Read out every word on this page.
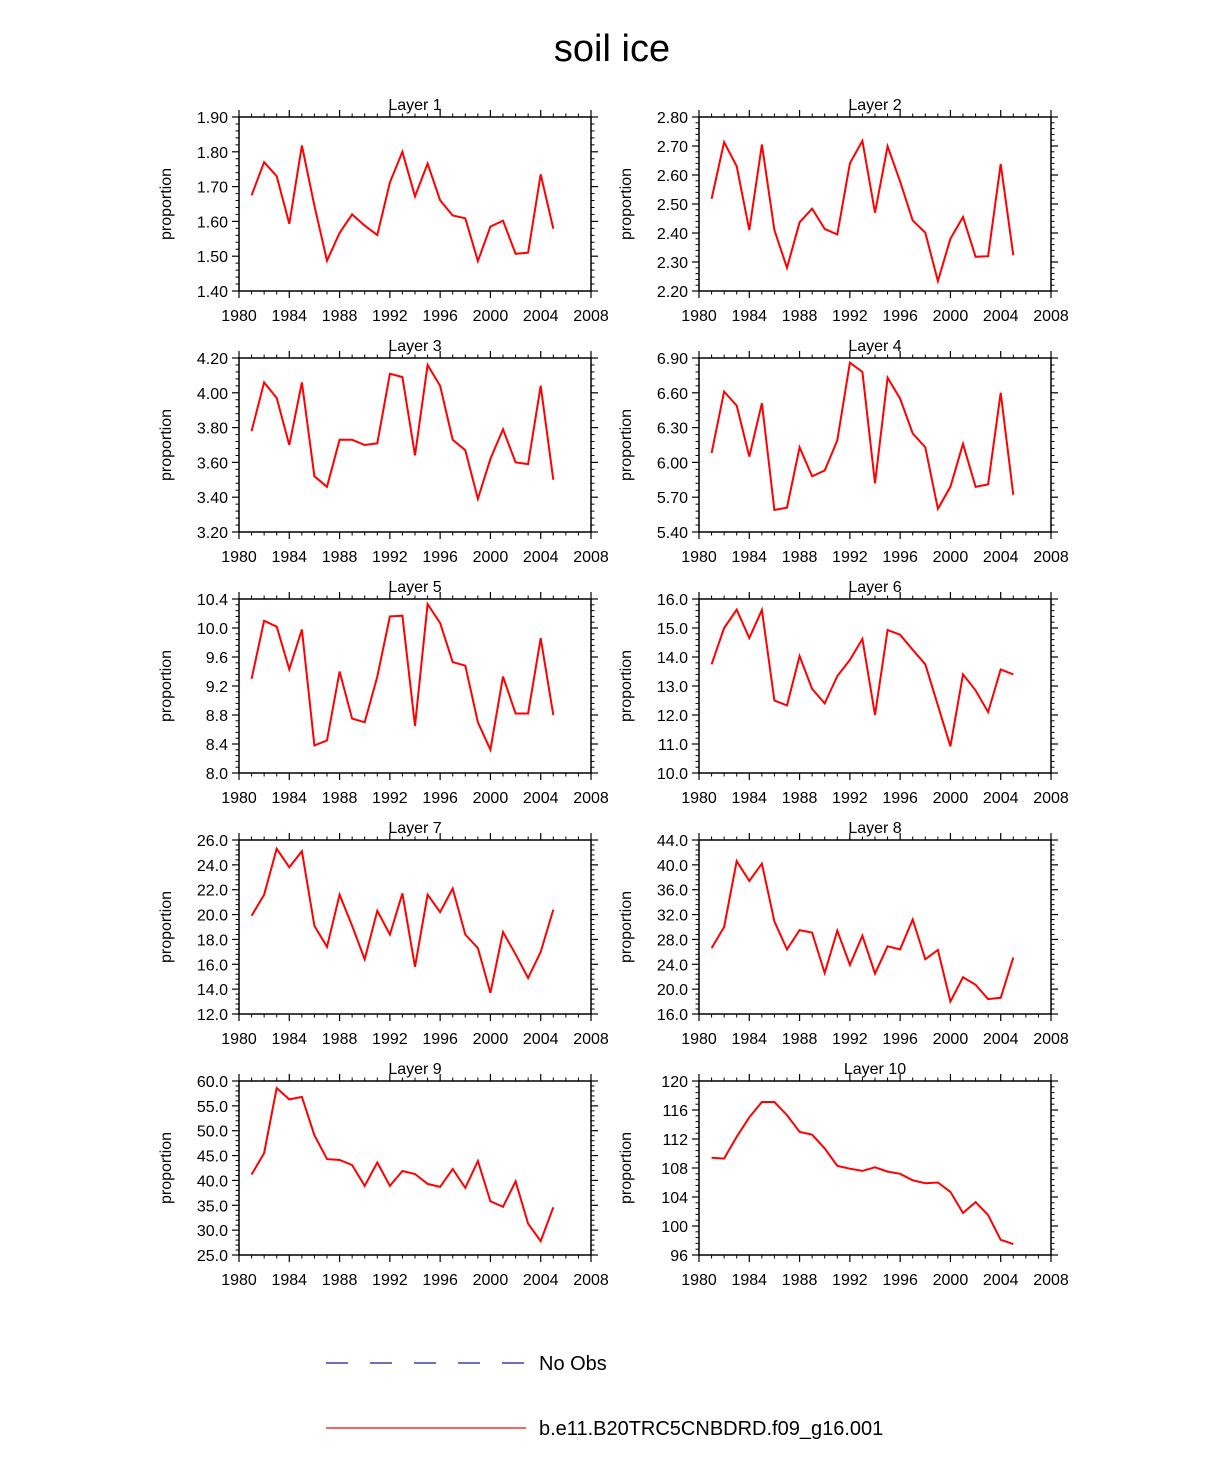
soil ice
Layer 1
proportion
1980 1984 1988 1992 1996 2000 2004 2008
1.40
1.50
1.60
1.70
1.80
1.90
Layer 2
proportion
1980 1984 1988 1992 1996 2000 2004 2008
2.20
2.30
2.40
2.50
2.60
2.70
2.80
Layer 3
proportion
1980 1984 1988 1992 1996 2000 2004 2008
3.20
3.40
3.60
3.80
4.00
4.20
Layer 4
proportion
1980 1984 1988 1992 1996 2000 2004 2008
5.40
5.70
6.00
6.30
6.60
6.90
Layer 5
proportion
1980 1984 1988 1992 1996 2000 2004 2008
8.0
8.4
8.8
9.2
9.6
10.0
10.4
Layer 6
proportion
1980 1984 1988 1992 1996 2000 2004 2008
10.0
11.0
12.0
13.0
14.0
15.0
16.0
Layer 7
proportion
1980 1984 1988 1992 1996 2000 2004 2008
12.0
14.0
16.0
18.0
20.0
22.0
24.0
26.0
Layer 8
proportion
1980 1984 1988 1992 1996 2000 2004 2008
16.0
20.0
24.0
28.0
32.0
36.0
40.0
44.0
Layer 9
proportion
1980 1984 1988 1992 1996 2000 2004 2008
25.0
30.0
35.0
40.0
45.0
50.0
55.0
60.0
Layer 10
proportion
1980 1984 1988 1992 1996 2000 2004 2008
96
100
104
108
112
116
120
No Obs
b.e11.B20TRC5CNBDRD.f09_g16.001
